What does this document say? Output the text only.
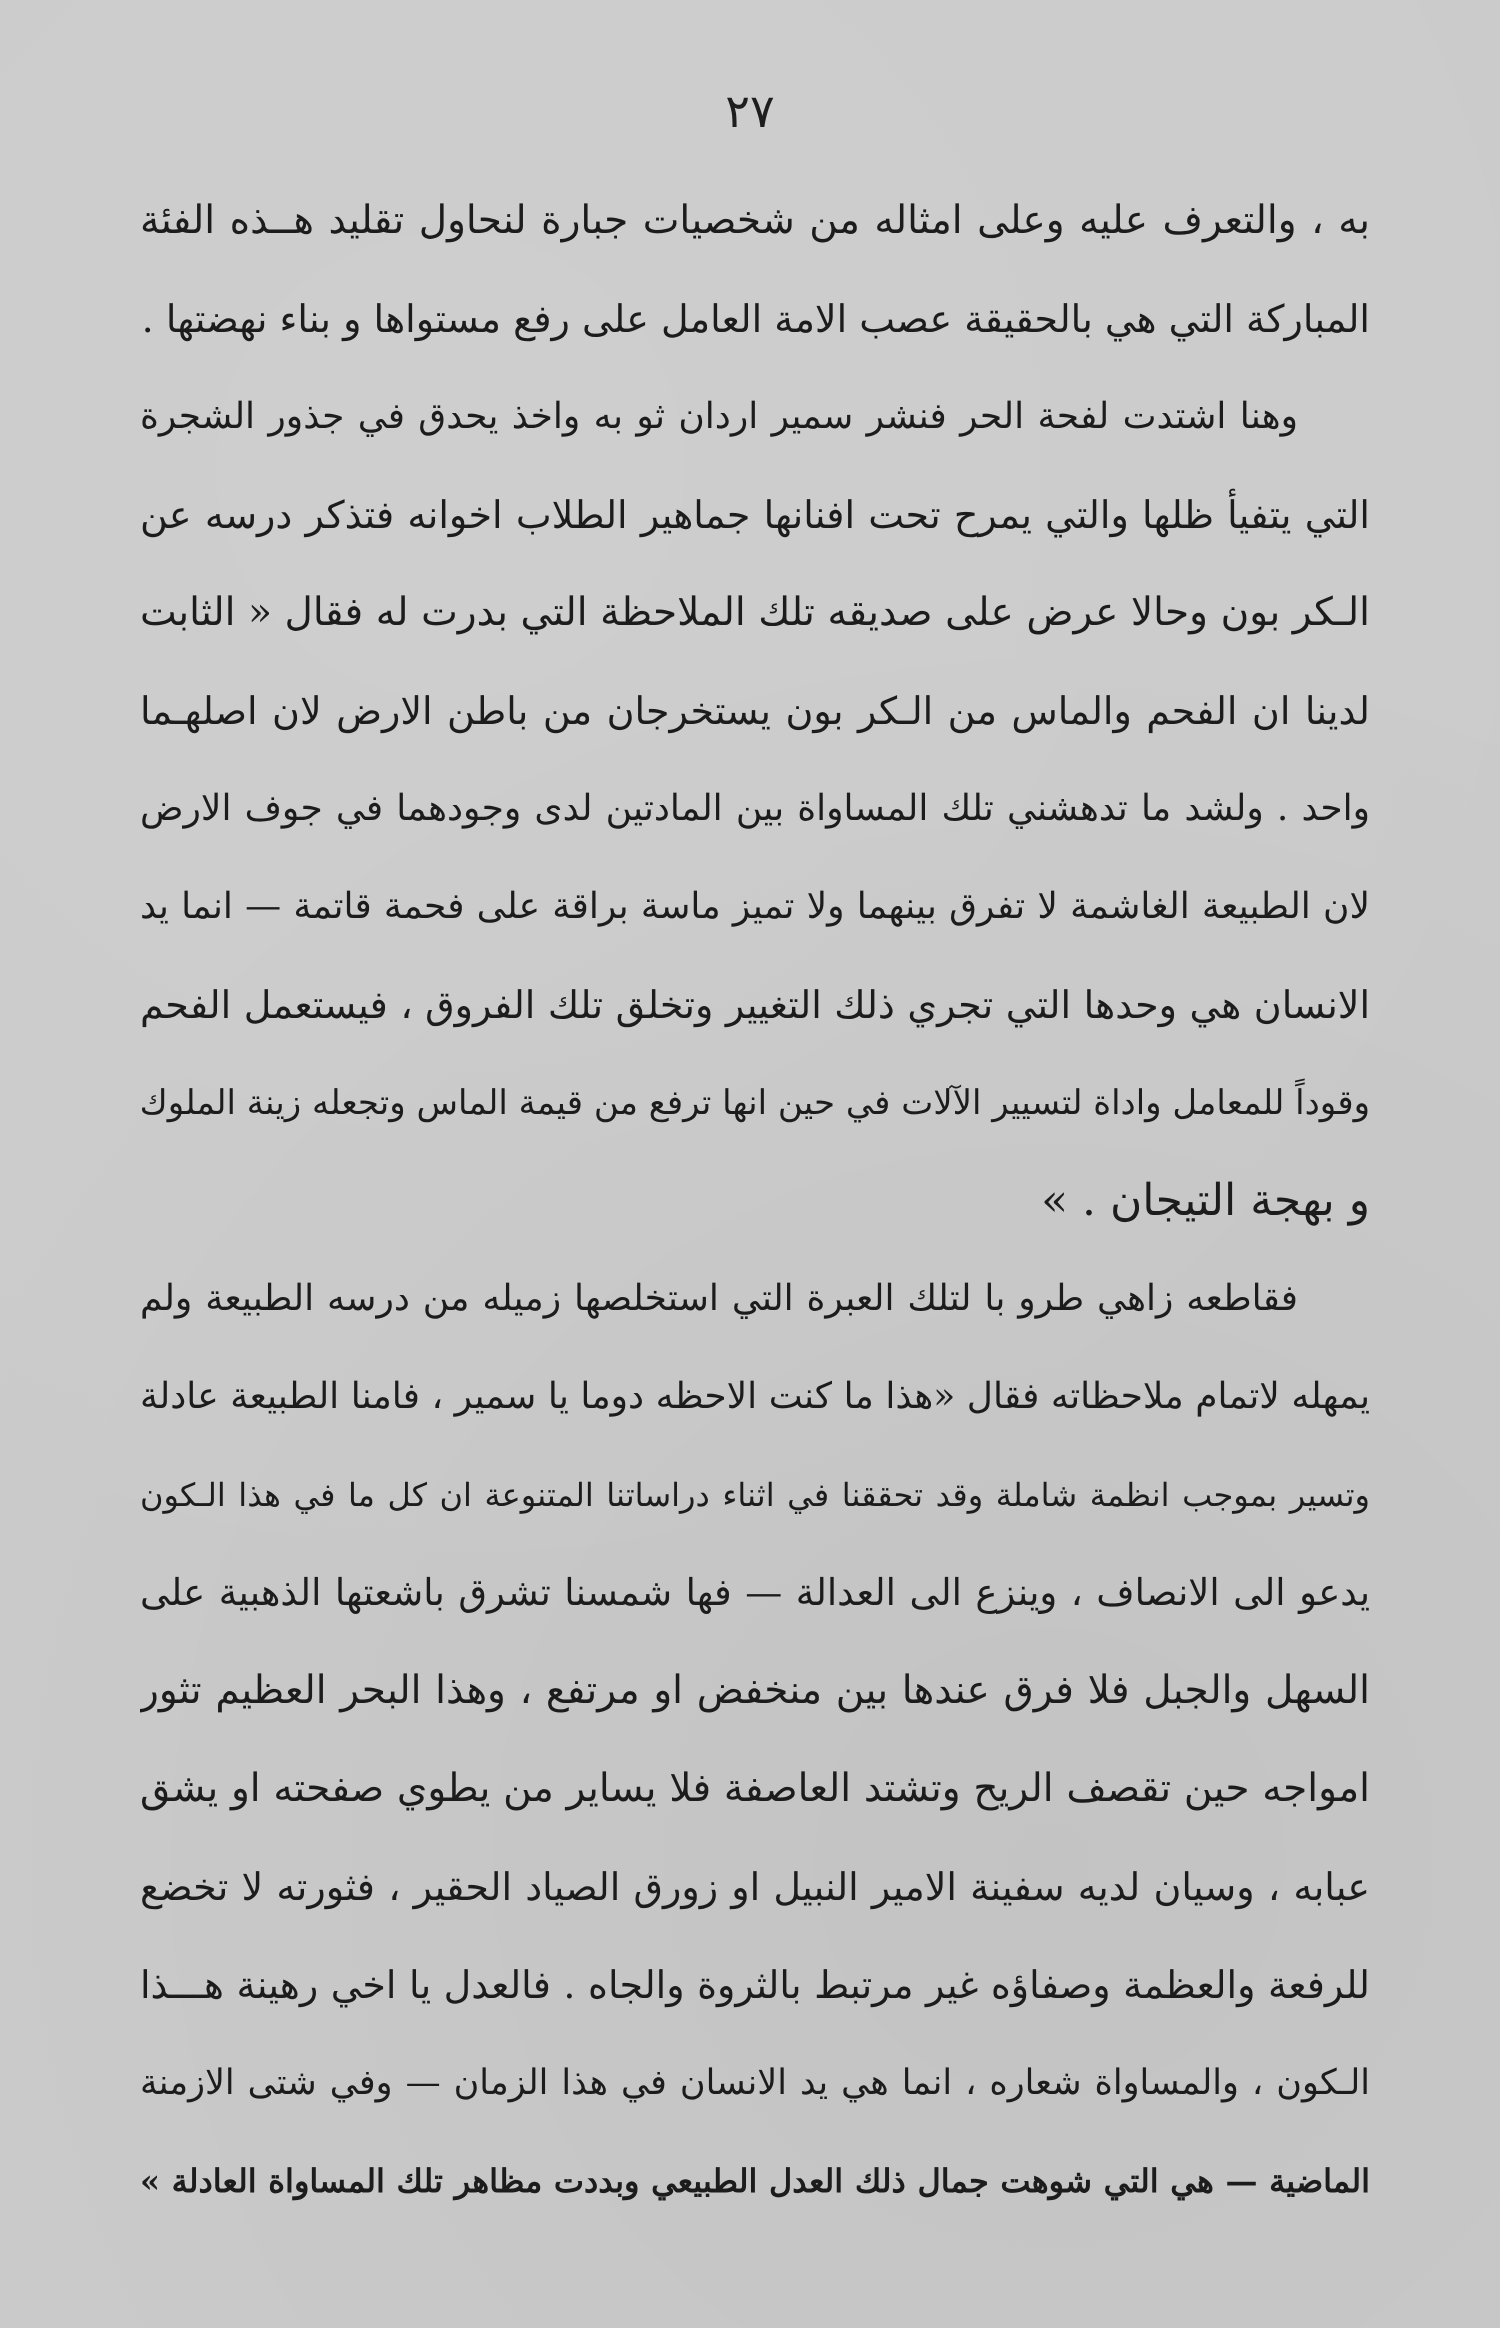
٢٧
به ، والتعرف عليه وعلى امثاله من شخصيات جبارة لنحاول تقليد هــذه الفئة
المباركة التي هي بالحقيقة عصب الامة العامل على رفع مستواها و بناء نهضتها .
وهنا اشتدت لفحة الحر فنشر سمير اردان ثو به واخذ يحدق في جذور الشجرة
التي يتفيأ ظلها والتي يمرح تحت افنانها جماهير الطلاب اخوانه فتذكر درسه عن
الـكر بون وحالا عرض على صديقه تلك الملاحظة التي بدرت له فقال « الثابت
لدينا ان الفحم والماس من الـكر بون يستخرجان من باطن الارض لان اصلهـما
واحد . ولشد ما تدهشني تلك المساواة بين المادتين لدى وجودهما في جوف الارض
لان الطبيعة الغاشمة لا تفرق بينهما ولا تميز ماسة براقة على فحمة قاتمة — انما يد
الانسان هي وحدها التي تجري ذلك التغيير وتخلق تلك الفروق ، فيستعمل الفحم
وقوداً للمعامل واداة لتسيير الآلات في حين انها ترفع من قيمة الماس وتجعله زينة الملوك
و بهجة التيجان . »
فقاطعه زاهي طرو با لتلك العبرة التي استخلصها زميله من درسه الطبيعة ولم
يمهله لاتمام ملاحظاته فقال «هذا ما كنت الاحظه دوما يا سمير ، فامنا الطبيعة عادلة
وتسير بموجب انظمة شاملة وقد تحققنا في اثناء دراساتنا المتنوعة ان كل ما في هذا الـكون
يدعو الى الانصاف ، وينزع الى العدالة — فها شمسنا تشرق باشعتها الذهبية على
السهل والجبل فلا فرق عندها بين منخفض او مرتفع ، وهذا البحر العظيم تثور
امواجه حين تقصف الريح وتشتد العاصفة فلا يساير من يطوي صفحته او يشق
عبابه ، وسيان لديه سفينة الامير النبيل او زورق الصياد الحقير ، فثورته لا تخضع
للرفعة والعظمة وصفاؤه غير مرتبط بالثروة والجاه . فالعدل يا اخي رهينة هـــذا
الـكون ، والمساواة شعاره ، انما هي يد الانسان في هذا الزمان — وفي شتى الازمنة
الماضية — هي التي شوهت جمال ذلك العدل الطبيعي وبددت مظاهر تلك المساواة العادلة »
